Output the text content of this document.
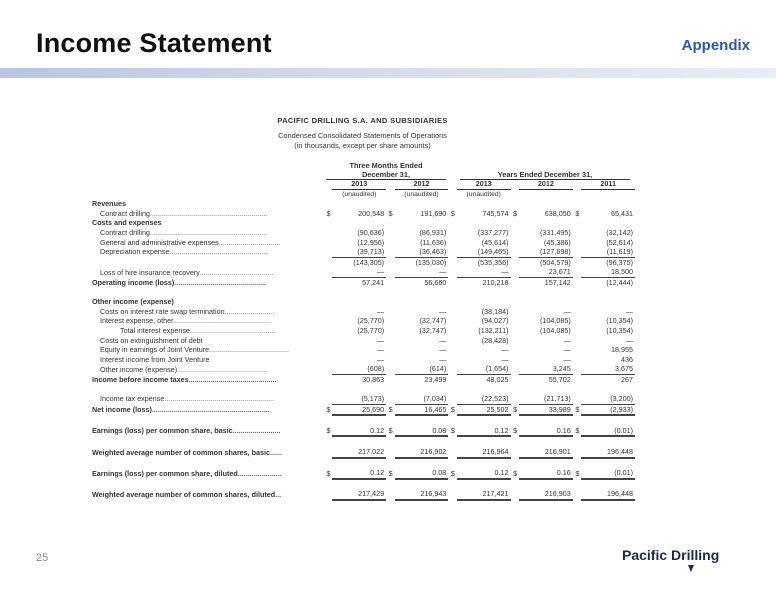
Income Statement	Appendix
PACIFIC DRILLING S.A. AND SUBSIDIARIES
Condensed Consolidated Statements of Operations
(in thousands, except per share amounts)
Three Months Ended
December 31,	Years Ended December 31,
		2013		2012		2013		2012		2011
		(unaudited)		(unaudited)		(unaudited)				
Revenues										
Contract drilling...........................................................	$	200,548	$	191,690	$	745,574	$	638,050	$	65,431
Costs and expenses										
Contract drilling...........................................................		(90,636)		(86,931)		(337,277)		(331,495)		(32,142)
General and administrative expenses...............................		(12,956)		(11,636)		(45,614)		(45,386)		(52,614)
Depreciation expense.................................................		(39,713)		(36,463)		(149,465)		(127,698)		(11,619)
		(143,305)		(135,030)		(535,356)		(504,579)		(96,375)
Loss of hire insurance recovery.....................................		—		—		—		23,671		18,500
Operating income (loss)..............................................		57,241		56,660		210,218		157,142		(12,444)

Other income (expense)										
Costs on interest rate swap termination.........................		—		—		(38,184)		—		—
Interest expense, other.................................................		(25,770)		(32,747)		(94,027)		(104,085)		(10,354)
Total interest expense...........................................		(25,770)		(32,747)		(132,211)		(104,085)		(10,354)
Costs on extinguishment of debt		—		—		(28,428)		—		—
Equity in earnings of Joint Venture........................................		—		—		—		—		18,955
Interest income from Joint Venture		—		—		—		—		436
Other income (expense).............................................		(608)		(614)		(1,654)		3,245		3,675
Income before income taxes............................................		30,863		23,499		48,025		55,702		267

Income tax expense.......................................................		(5,173)		(7,034)		(22,523)		(21,713)		(3,200)
Net income (loss)...........................................................	$	25,690	$	16,465	$	25,502	$	33,989	$	(2,933)

Earnings (loss) per common share, basic........................	$	0.12	$	0.08	$	0.12	$	0.16	$	(0.01)

Weighted average number of common shares, basic......		217,022		216,902		216,964		216,901		196,448

Earnings (loss) per common share, diluted......................	$	0.12	$	0.08	$	0.12	$	0.16	$	(0.01)

Weighted average number of common shares, diluted...		217,429		216,943		217,421		216,903		196,448
25	Pacific Drilling
